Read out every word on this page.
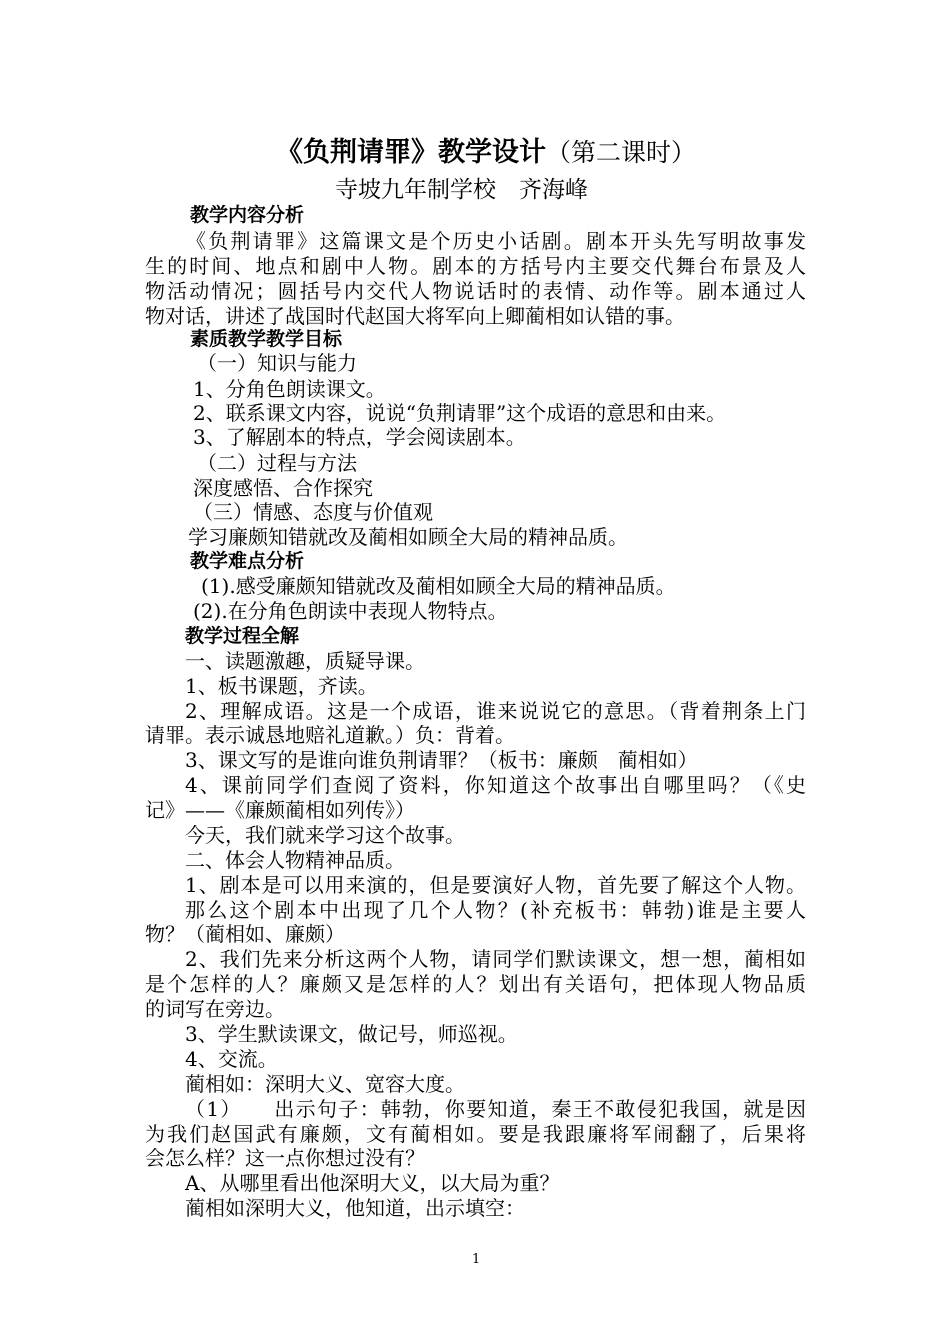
《负荆请罪》教学设计（第二课时）
寺坡九年制学校　齐海峰
教学内容分析
《负荆请罪》这篇课文是个历史小话剧。剧本开头先写明故事发
生的时间、地点和剧中人物。剧本的方括号内主要交代舞台布景及人
物活动情况；圆括号内交代人物说话时的表情、动作等。剧本通过人
物对话，讲述了战国时代赵国大将军向上卿蔺相如认错的事。
素质教学教学目标
（一）知识与能力
1、分角色朗读课文。
2、联系课文内容，说说“负荆请罪”这个成语的意思和由来。
3、了解剧本的特点，学会阅读剧本。
（二）过程与方法
深度感悟、合作探究
（三）情感、态度与价值观
学习廉颇知错就改及蔺相如顾全大局的精神品质。
教学难点分析
(1).感受廉颇知错就改及蔺相如顾全大局的精神品质。
(2).在分角色朗读中表现人物特点。
教学过程全解
一、读题激趣，质疑导课。
1、板书课题，齐读。
2、理解成语。这是一个成语，谁来说说它的意思。（背着荆条上门
请罪。表示诚恳地赔礼道歉。）负：背着。
3、课文写的是谁向谁负荆请罪？（板书：廉颇　蔺相如）
4、课前同学们查阅了资料，你知道这个故事出自哪里吗？（《史
记》——《廉颇蔺相如列传》）
今天，我们就来学习这个故事。
二、体会人物精神品质。
1、剧本是可以用来演的，但是要演好人物，首先要了解这个人物。
那么这个剧本中出现了几个人物？(补充板书：韩勃)谁是主要人
物？（蔺相如、廉颇）
2、我们先来分析这两个人物，请同学们默读课文，想一想，蔺相如
是个怎样的人？廉颇又是怎样的人？划出有关语句，把体现人物品质
的词写在旁边。
3、学生默读课文，做记号，师巡视。
4、交流。
蔺相如：深明大义、宽容大度。
（1）　　出示句子：韩勃，你要知道，秦王不敢侵犯我国，就是因
为我们赵国武有廉颇，文有蔺相如。要是我跟廉将军闹翻了，后果将
会怎么样？这一点你想过没有？
A、从哪里看出他深明大义，以大局为重？
蔺相如深明大义，他知道，出示填空：
1
